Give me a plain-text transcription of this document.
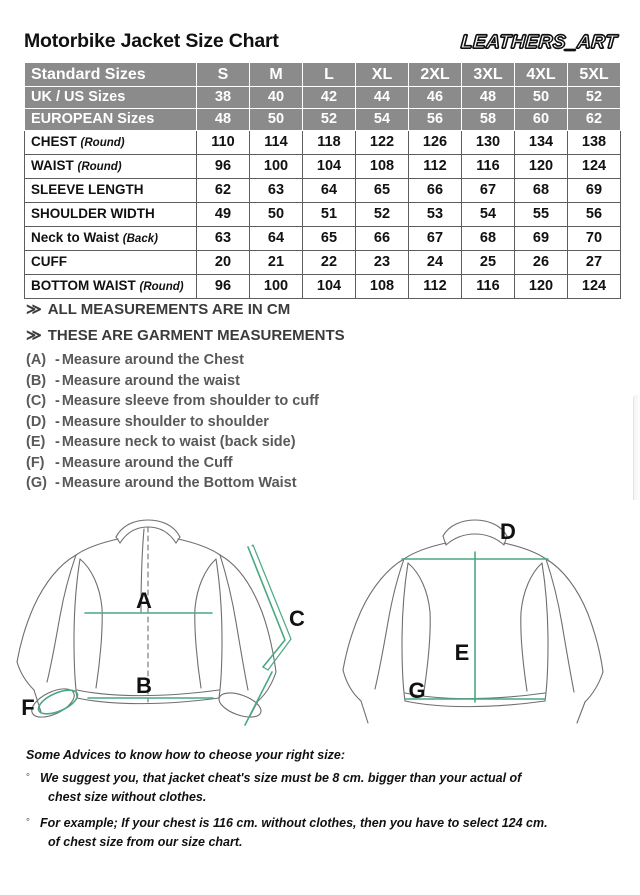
Motorbike Jacket Size Chart	LEATHERS_ART
Standard Sizes	S	M	L	XL	2XL	3XL	4XL	5XL
UK / US Sizes	38	40	42	44	46	48	50	52
EUROPEAN Sizes	48	50	52	54	56	58	60	62
CHEST (Round)	110	114	118	122	126	130	134	138
WAIST (Round)	96	100	104	108	112	116	120	124
SLEEVE LENGTH	62	63	64	65	66	67	68	69
SHOULDER WIDTH	49	50	51	52	53	54	55	56
Neck to Waist (Back)	63	64	65	66	67	68	69	70
CUFF	20	21	22	23	24	25	26	27
BOTTOM WAIST (Round)	96	100	104	108	112	116	120	124
≫ ALL MEASUREMENTS ARE IN CM
≫ THESE ARE GARMENT MEASUREMENTS
(A) - Measure around the Chest
(B) - Measure around the waist
(C) - Measure sleeve from shoulder to cuff
(D) - Measure shoulder to shoulder
(E) - Measure neck to waist (back side)
(F) - Measure around the Cuff
(G) - Measure around the Bottom Waist
A
B
C
F
D
E
G
Some Advices to know how to cheose your right size:
◦ We suggest you, that jacket cheat's size must be 8 cm. bigger than your actual of
chest size without clothes.
◦ For example; If your chest is 116 cm. without clothes, then you have to select 124 cm.
of chest size from our size chart.
